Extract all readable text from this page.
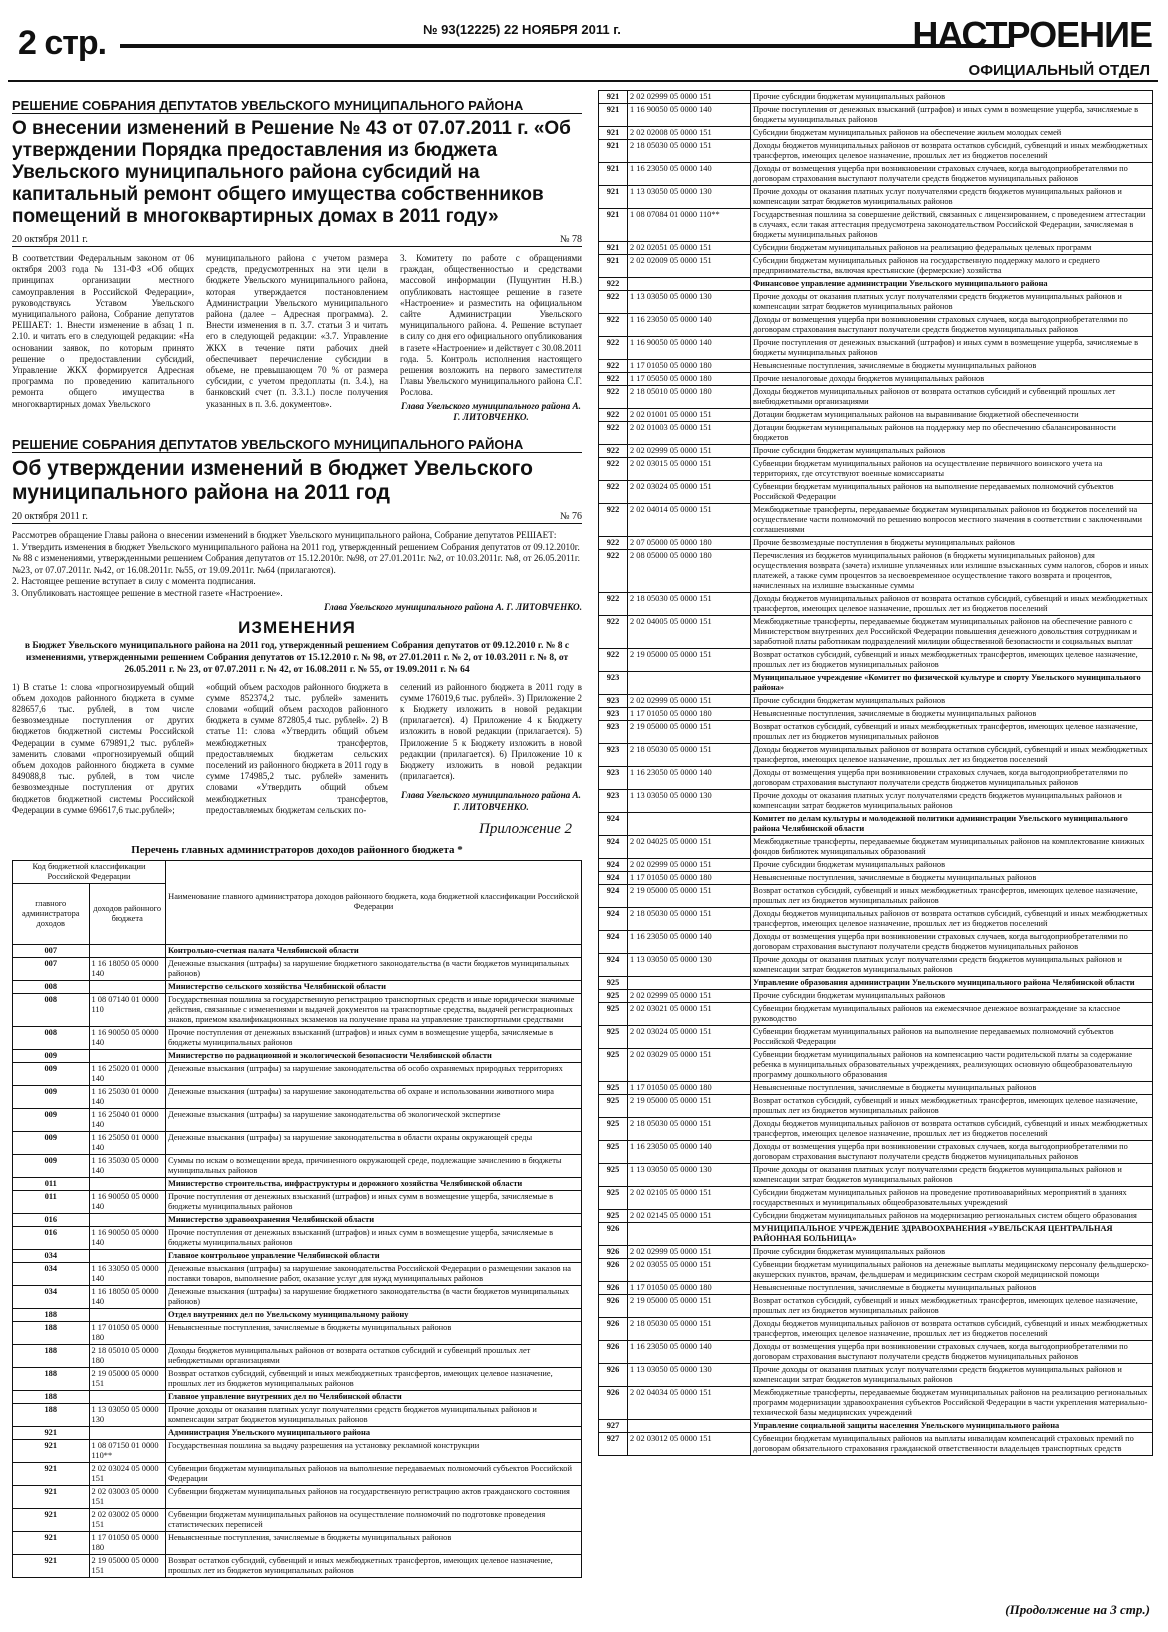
2 стр.	№ 93(12225) 22 НОЯБРЯ 2011 г.	НАСТРОЕНИЕ
ОФИЦИАЛЬНЫЙ ОТДЕЛ
РЕШЕНИЕ СОБРАНИЯ ДЕПУТАТОВ УВЕЛЬСКОГО МУНИЦИПАЛЬНОГО РАЙОНА
О внесении изменений в Решение № 43 от 07.07.2011 г. «Об утверждении Порядка предоставления из бюджета Увельского муниципального района субсидий на капитальный ремонт общего имущества собственников помещений в многоквартирных домах в 2011 году»
20 октября 2011 г.	№ 78

В соответствии Федеральным законом от 06 октября 2003 года № 131-ФЗ «Об общих принципах организации местного самоуправления в Российской Федерации», руководствуясь Уставом Увельского муниципального района, Собрание депутатов РЕШАЕТ: 1. Внести изменение в абзац 1 п. 2.10. и читать его в следующей редакции: «На основании заявок, по которым принято решение о предоставлении субсидий, Управление ЖКХ формируется Адресная программа по проведению капитального ремонта общего имущества в многоквартирных домах Увельского

муниципального района с учетом размера средств, предусмотренных на эти цели в бюджете Увельского муниципального района, которая утверждается постановлением Администрации Увельского муниципального района (далее – Адресная программа). 2. Внести изменения в п. 3.7. статьи 3 и читать его в следующей редакции: «3.7. Управление ЖКХ в течение пяти рабочих дней обеспечивает перечисление субсидии в объеме, не превышающем 70 % от размера субсидии, с учетом предоплаты (п. 3.4.), на банковский счет (п. 3.3.1.) после получения указанных в п. 3.6. документов».

3. Комитету по работе с обращениями граждан, общественностью и средствами массовой информации (Пущунтин Н.В.) опубликовать настоящее решение в газете «Настроение» и разместить на официальном сайте Администрации Увельского муниципального района. 4. Решение вступает в силу со дня его официального опубликования в газете «Настроение» и действует с 30.08.2011 года. 5. Контроль исполнения настоящего решения возложить на первого заместителя Главы Увельского муниципального района С.Г. Рослова.

Глава Увельского муниципального района А. Г. ЛИТОВЧЕНКО.
РЕШЕНИЕ СОБРАНИЯ ДЕПУТАТОВ УВЕЛЬСКОГО МУНИЦИПАЛЬНОГО РАЙОНА
Об утверждении изменений в бюджет Увельского муниципального района на 2011 год
20 октября 2011 г.	№ 76

Рассмотрев обращение Главы района о внесении изменений в бюджет Увельского муниципального района, Собрание депутатов РЕШАЕТ:

1. Утвердить изменения в бюджет Увельского муниципального района на 2011 год, утвержденный решением Собрания депутатов от 09.12.2010г. № 88 с изменениями, утвержденными решением Собрания депутатов от 15.12.2010г. №98, от 27.01.2011г. №2, от 10.03.2011г. №8, от 26.05.2011г. №23, от 07.07.2011г. №42, от 16.08.2011г. №55, от 19.09.2011г. №64 (прилагаются).

2. Настоящее решение вступает в силу с момента подписания.

3. Опубликовать настоящее решение в местной газете «Настроение».

Глава Увельского муниципального района А. Г. ЛИТОВЧЕНКО.
ИЗМЕНЕНИЯ
в Бюджет Увельского муниципального района на 2011 год, утвержденный решением Собрания депутатов от 09.12.2010 г. № 8 с изменениями, утвержденными решением Собрания депутатов от 15.12.2010 г. № 98, от 27.01.2011 г. № 2, от 10.03.2011 г. № 8, от 26.05.2011 г. № 23, от 07.07.2011 г. № 42, от 16.08.2011 г. № 55, от 19.09.2011 г. № 64

1) В статье 1: слова «прогнозируемый общий объем доходов районного бюджета в сумме 828657,6 тыс. рублей, в том числе безвозмездные поступления от других бюджетов бюджетной системы Российской Федерации в сумме 679891,2 тыс. рублей» заменить словами «прогнозируемый общий объем доходов районного бюджета в сумме 849088,8 тыс. рублей, в том числе безвозмездные поступления от других бюджетов бюджетной системы Российской Федерации в сумме 696617,6 тыс.рублей»;

«общий объем расходов районного бюджета в сумме 852374,2 тыс. рублей» заменить словами «общий объем расходов районного бюджета в сумме 872805,4 тыс. рублей». 2) В статье 11: слова «Утвердить общий объем межбюджетных трансфертов, предоставляемых бюджетам сельских поселений из районного бюджета в 2011 году в сумме 174985,2 тыс. рублей» заменить словами «Утвердить общий объем межбюджетных трансфертов, предоставляемых бюджетам сельских по-

селений из районного бюджета в 2011 году в сумме 176019,6 тыс. рублей». 3) Приложение 2 к Бюджету изложить в новой редакции (прилагается). 4) Приложение 4 к Бюджету изложить в новой редакции (прилагается). 5) Приложение 5 к Бюджету изложить в новой редакции (прилагается). 6) Приложение 10 к Бюджету изложить в новой редакции (прилагается).

Глава Увельского муниципального района А. Г. ЛИТОВЧЕНКО.
Приложение 2
Перечень главных администраторов доходов районного бюджета *
Код бюджетной классификации Российской Федерации		Наименование главного администратора доходов районного бюджета, кода бюджетной классификации Российской Федерации
главного администратора доходов	доходов районного бюджета	
007		Контрольно-счетная палата Челябинской области
007	1 16 18050 05 0000 140	Денежные взыскания (штрафы) за нарушение бюджетного законодательства (в части бюджетов муниципальных районов)
008		Министерство сельского хозяйства Челябинской области
008	1 08 07140 01 0000 110	Государственная пошлина за государственную регистрацию транспортных средств и иные юридически значимые действия, связанные с изменениями и выдачей документов на транспортные средства, выдачей регистрационных знаков, приемом квалификационных экзаменов на получение права на управление транспортными средствами
008	1 16 90050 05 0000 140	Прочие поступления от денежных взысканий (штрафов) и иных сумм в возмещение ущерба, зачисляемые в бюджеты муниципальных районов
009		Министерство по радиационной и экологической безопасности Челябинской области
009	1 16 25020 01 0000 140	Денежные взыскания (штрафы) за нарушение законодательства об особо охраняемых природных территориях
009	1 16 25030 01 0000 140	Денежные взыскания (штрафы) за нарушение законодательства об охране и использовании животного мира
009	1 16 25040 01 0000 140	Денежные взыскания (штрафы) за нарушение законодательства об экологической экспертизе
009	1 16 25050 01 0000 140	Денежные взыскания (штрафы) за нарушение законодательства в области охраны окружающей среды
009	1 16 35030 05 0000 140	Суммы по искам о возмещении вреда, причиненного окружающей среде, подлежащие зачислению в бюджеты муниципальных районов
011		Министерство строительства, инфраструктуры и дорожного хозяйства Челябинской области
011	1 16 90050 05 0000 140	Прочие поступления от денежных взысканий (штрафов) и иных сумм в возмещение ущерба, зачисляемые в бюджеты муниципальных районов
016		Министерство здравоохранения Челябинской области
016	1 16 90050 05 0000 140	Прочие поступления от денежных взысканий (штрафов) и иных сумм в возмещение ущерба, зачисляемые в бюджеты муниципальных районов
034		Главное контрольное управление Челябинской области
034	1 16 33050 05 0000 140	Денежные взыскания (штрафы) за нарушение законодательства Российской Федерации о размещении заказов на поставки товаров, выполнение работ, оказание услуг для нужд муниципальных районов
034	1 16 18050 05 0000 140	Денежные взыскания (штрафы) за нарушение бюджетного законодательства (в части бюджетов муниципальных районов)
188		Отдел внутренних дел по Увельскому муниципальному району
188	1 17 01050 05 0000 180	Невыясненные поступления, зачисляемые в бюджеты муниципальных районов
188	2 18 05010 05 0000 180	Доходы бюджетов муниципальных районов от возврата остатков субсидий и субвенций прошлых лет небюджетными организациями
188	2 19 05000 05 0000 151	Возврат остатков субсидий, субвенций и иных межбюджетных трансфертов, имеющих целевое назначение, прошлых лет из бюджетов муниципальных районов
188		Главное управление внутренних дел по Челябинской области
188	1 13 03050 05 0000 130	Прочие доходы от оказания платных услуг получателями средств бюджетов муниципальных районов и компенсации затрат бюджетов муниципальных районов
921		Администрация Увельского муниципального района
921	1 08 07150 01 0000 110**	Государственная пошлина за выдачу разрешения на установку рекламной конструкции
921	2 02 03024 05 0000 151	Субвенции бюджетам муниципальных районов на выполнение передаваемых полномочий субъектов Российской Федерации
921	2 02 03003 05 0000 151	Субвенции бюджетам муниципальных районов на государственную регистрацию актов гражданского состояния
921	2 02 03002 05 0000 151	Субвенции бюджетам муниципальных районов на осуществление полномочий по подготовке проведения статистических переписей
921	1 17 01050 05 0000 180	Невыясненные поступления, зачисляемые в бюджеты муниципальных районов
921	2 19 05000 05 0000 151	Возврат остатков субсидий, субвенций и иных межбюджетных трансфертов, имеющих целевое назначение, прошлых лет из бюджетов муниципальных районов
921	2 02 02999 05 0000 151	Прочие субсидии бюджетам муниципальных районов
921	1 16 90050 05 0000 140	Прочие поступления от денежных взысканий (штрафов) и иных сумм в возмещение ущерба, зачисляемые в бюджеты муниципальных районов
921	2 02 02008 05 0000 151	Субсидии бюджетам муниципальных районов на обеспечение жильем молодых семей
921	2 18 05030 05 0000 151	Доходы бюджетов муниципальных районов от возврата остатков субсидий, субвенций и иных межбюджетных трансфертов, имеющих целевое назначение, прошлых лет из бюджетов поселений
921	1 16 23050 05 0000 140	Доходы от возмещения ущерба при возникновении страховых случаев, когда выгодоприобретателями по договорам страхования выступают получатели средств бюджетов муниципальных районов
921	1 13 03050 05 0000 130	Прочие доходы от оказания платных услуг получателями средств бюджетов муниципальных районов и компенсации затрат бюджетов муниципальных районов
921	1 08 07084 01 0000 110**	Государственная пошлина за совершение действий, связанных с лицензированием, с проведением аттестации в случаях, если такая аттестация предусмотрена законодательством Российской Федерации, зачисляемая в бюджеты муниципальных районов
921	2 02 02051 05 0000 151	Субсидии бюджетам муниципальных районов на реализацию федеральных целевых программ
921	2 02 02009 05 0000 151	Субсидии бюджетам муниципальных районов на государственную поддержку малого и среднего предпринимательства, включая крестьянские (фермерские) хозяйства
922		Финансовое управление администрации Увельского муниципального района
922	1 13 03050 05 0000 130	Прочие доходы от оказания платных услуг получателями средств бюджетов муниципальных районов и компенсации затрат бюджетов муниципальных районов
922	1 16 23050 05 0000 140	Доходы от возмещения ущерба при возникновении страховых случаев, когда выгодоприобретателями по договорам страхования выступают получатели средств бюджетов муниципальных районов
922	1 16 90050 05 0000 140	Прочие поступления от денежных взысканий (штрафов) и иных сумм в возмещение ущерба, зачисляемые в бюджеты муниципальных районов
922	1 17 01050 05 0000 180	Невыясненные поступления, зачисляемые в бюджеты муниципальных районов
922	1 17 05050 05 0000 180	Прочие неналоговые доходы бюджетов муниципальных районов
922	2 18 05010 05 0000 180	Доходы бюджетов муниципальных районов от возврата остатков субсидий и субвенций прошлых лет внебюджетными организациями
922	2 02 01001 05 0000 151	Дотации бюджетам муниципальных районов на выравнивание бюджетной обеспеченности
922	2 02 01003 05 0000 151	Дотации бюджетам муниципальных районов на поддержку мер по обеспечению сбалансированности бюджетов
922	2 02 02999 05 0000 151	Прочие субсидии бюджетам муниципальных районов
922	2 02 03015 05 0000 151	Субвенции бюджетам муниципальных районов на осуществление первичного воинского учета на территориях, где отсутствуют военные комиссариаты
922	2 02 03024 05 0000 151	Субвенции бюджетам муниципальных районов на выполнение передаваемых полномочий субъектов Российской Федерации
922	2 02 04014 05 0000 151	Межбюджетные трансферты, передаваемые бюджетам муниципальных районов из бюджетов поселений на осуществление части полномочий по решению вопросов местного значения в соответствии с заключенными соглашениями
922	2 07 05000 05 0000 180	Прочие безвозмездные поступления в бюджеты муниципальных районов
922	2 08 05000 05 0000 180	Перечисления из бюджетов муниципальных районов (в бюджеты муниципальных районов) для осуществления возврата (зачета) излишне уплаченных или излишне взысканных сумм налогов, сборов и иных платежей, а также сумм процентов за несвоевременное осуществление такого возврата и процентов, начисленных на излишне взысканные суммы
922	2 18 05030 05 0000 151	Доходы бюджетов муниципальных районов от возврата остатков субсидий, субвенций и иных межбюджетных трансфертов, имеющих целевое назначение, прошлых лет из бюджетов поселений
922	2 02 04005 05 0000 151	Межбюджетные трансферты, передаваемые бюджетам муниципальных районов на обеспечение равного с Министерством внутренних дел Российской Федерации повышения денежного довольствия сотрудникам и заработной платы работникам подразделений милиции общественной безопасности и социальных выплат
922	2 19 05000 05 0000 151	Возврат остатков субсидий, субвенций и иных межбюджетных трансфертов, имеющих целевое назначение, прошлых лет из бюджетов муниципальных районов
923		Муниципальное учреждение «Комитет по физической культуре и спорту Увельского муниципального района»
923	2 02 02999 05 0000 151	Прочие субсидии бюджетам муниципальных районов
923	1 17 01050 05 0000 180	Невыясненные поступления, зачисляемые в бюджеты муниципальных районов
923	2 19 05000 05 0000 151	Возврат остатков субсидий, субвенций и иных межбюджетных трансфертов, имеющих целевое назначение, прошлых лет из бюджетов муниципальных районов
923	2 18 05030 05 0000 151	Доходы бюджетов муниципальных районов от возврата остатков субсидий, субвенций и иных межбюджетных трансфертов, имеющих целевое назначение, прошлых лет из бюджетов поселений
923	1 16 23050 05 0000 140	Доходы от возмещения ущерба при возникновении страховых случаев, когда выгодоприобретателями по договорам страхования выступают получатели средств бюджетов муниципальных районов
923	1 13 03050 05 0000 130	Прочие доходы от оказания платных услуг получателями средств бюджетов муниципальных районов и компенсации затрат бюджетов муниципальных районов
924		Комитет по делам культуры и молодежной политики администрации Увельского муниципального района Челябинской области
924	2 02 04025 05 0000 151	Межбюджетные трансферты, передаваемые бюджетам муниципальных районов на комплектование книжных фондов библиотек муниципальных образований
924	2 02 02999 05 0000 151	Прочие субсидии бюджетам муниципальных районов
924	1 17 01050 05 0000 180	Невыясненные поступления, зачисляемые в бюджеты муниципальных районов
924	2 19 05000 05 0000 151	Возврат остатков субсидий, субвенций и иных межбюджетных трансфертов, имеющих целевое назначение, прошлых лет из бюджетов муниципальных районов
924	2 18 05030 05 0000 151	Доходы бюджетов муниципальных районов от возврата остатков субсидий, субвенций и иных межбюджетных трансфертов, имеющих целевое назначение, прошлых лет из бюджетов поселений
924	1 16 23050 05 0000 140	Доходы от возмещения ущерба при возникновении страховых случаев, когда выгодоприобретателями по договорам страхования выступают получатели средств бюджетов муниципальных районов
924	1 13 03050 05 0000 130	Прочие доходы от оказания платных услуг получателями средств бюджетов муниципальных районов и компенсации затрат бюджетов муниципальных районов
925		Управление образования администрации Увельского муниципального района Челябинской области
925	2 02 02999 05 0000 151	Прочие субсидии бюджетам муниципальных районов
925	2 02 03021 05 0000 151	Субвенции бюджетам муниципальных районов на ежемесячное денежное вознаграждение за классное руководство
925	2 02 03024 05 0000 151	Субвенции бюджетам муниципальных районов на выполнение передаваемых полномочий субъектов Российской Федерации
925	2 02 03029 05 0000 151	Субвенции бюджетам муниципальных районов на компенсацию части родительской платы за содержание ребенка в муниципальных образовательных учреждениях, реализующих основную общеобразовательную программу дошкольного образования
925	1 17 01050 05 0000 180	Невыясненные поступления, зачисляемые в бюджеты муниципальных районов
925	2 19 05000 05 0000 151	Возврат остатков субсидий, субвенций и иных межбюджетных трансфертов, имеющих целевое назначение, прошлых лет из бюджетов муниципальных районов
925	2 18 05030 05 0000 151	Доходы бюджетов муниципальных районов от возврата остатков субсидий, субвенций и иных межбюджетных трансфертов, имеющих целевое назначение, прошлых лет из бюджетов поселений
925	1 16 23050 05 0000 140	Доходы от возмещения ущерба при возникновении страховых случаев, когда выгодоприобретателями по договорам страхования выступают получатели средств бюджетов муниципальных районов
925	1 13 03050 05 0000 130	Прочие доходы от оказания платных услуг получателями средств бюджетов муниципальных районов и компенсации затрат бюджетов муниципальных районов
925	2 02 02105 05 0000 151	Субсидии бюджетам муниципальных районов на проведение противоаварийных мероприятий в зданиях государственных и муниципальных общеобразовательных учреждений
925	2 02 02145 05 0000 151	Субсидии бюджетам муниципальных районов на модернизацию региональных систем общего образования
926		МУНИЦИПАЛЬНОЕ УЧРЕЖДЕНИЕ ЗДРАВООХРАНЕНИЯ «УВЕЛЬСКАЯ ЦЕНТРАЛЬНАЯ РАЙОННАЯ БОЛЬНИЦА»
926	2 02 02999 05 0000 151	Прочие субсидии бюджетам муниципальных районов
926	2 02 03055 05 0000 151	Субвенции бюджетам муниципальных районов на денежные выплаты медицинскому персоналу фельдшерско-акушерских пунктов, врачам, фельдшерам и медицинским сестрам скорой медицинской помощи
926	1 17 01050 05 0000 180	Невыясненные поступления, зачисляемые в бюджеты муниципальных районов
926	2 19 05000 05 0000 151	Возврат остатков субсидий, субвенций и иных межбюджетных трансфертов, имеющих целевое назначение, прошлых лет из бюджетов муниципальных районов
926	2 18 05030 05 0000 151	Доходы бюджетов муниципальных районов от возврата остатков субсидий, субвенций и иных межбюджетных трансфертов, имеющих целевое назначение, прошлых лет из бюджетов поселений
926	1 16 23050 05 0000 140	Доходы от возмещения ущерба при возникновении страховых случаев, когда выгодоприобретателями по договорам страхования выступают получатели средств бюджетов муниципальных районов
926	1 13 03050 05 0000 130	Прочие доходы от оказания платных услуг получателями средств бюджетов муниципальных районов и компенсации затрат бюджетов муниципальных районов
926	2 02 04034 05 0000 151	Межбюджетные трансферты, передаваемые бюджетам муниципальных районов на реализацию региональных программ модернизации здравоохранения субъектов Российской Федерации в части укрепления материально-технической базы медицинских учреждений
927		Управление социальной защиты населения Увельского муниципального района
927	2 02 03012 05 0000 151	Субвенции бюджетам муниципальных районов на выплаты инвалидам компенсаций страховых премий по договорам обязательного страхования гражданской ответственности владельцев транспортных средств
(Продолжение на 3 стр.)
